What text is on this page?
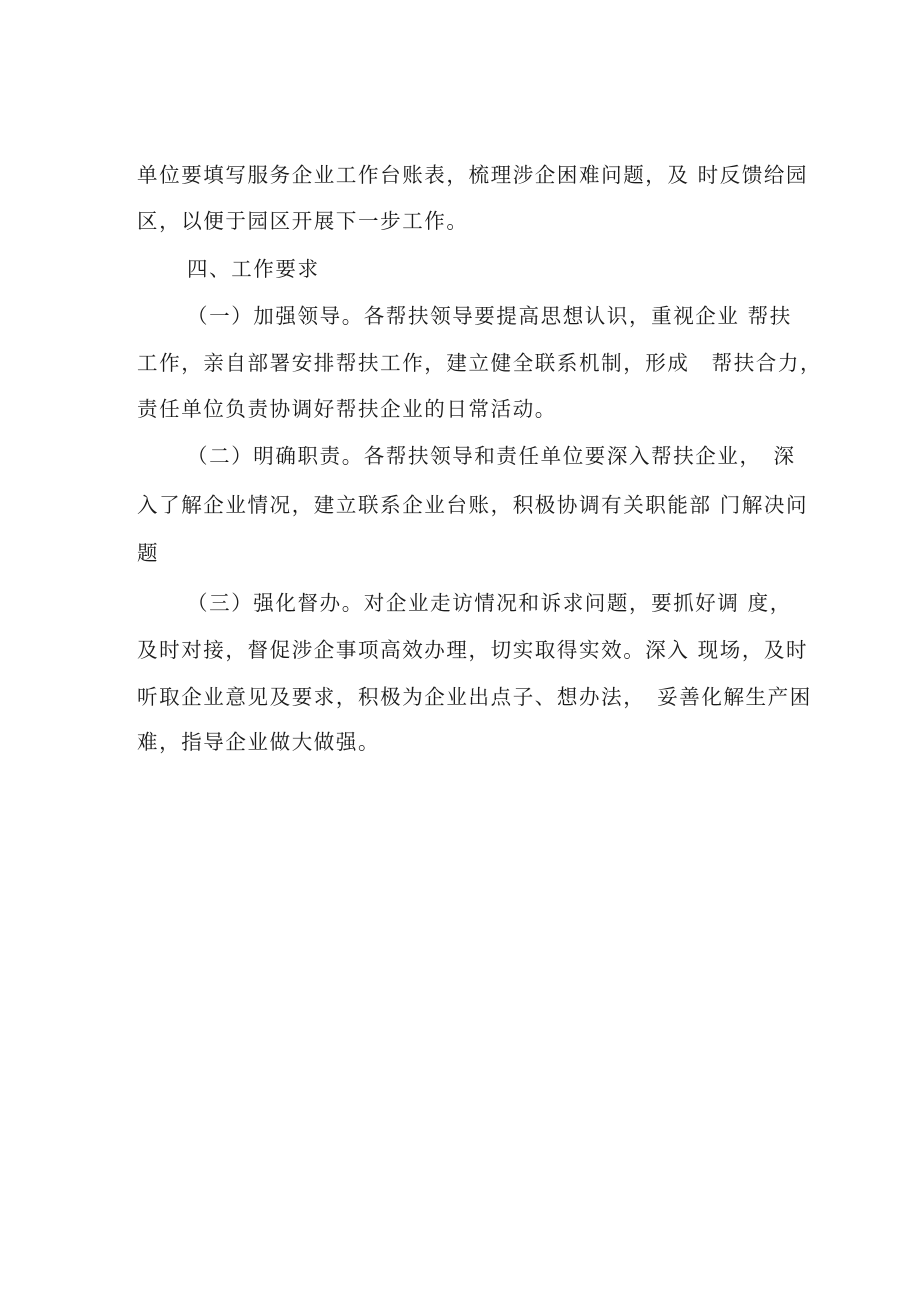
单位要填写服务企业工作台账表，梳理涉企困难问题，及 时反馈给园
区，以便于园区开展下一步工作。
四、工作要求
（一）加强领导。各帮扶领导要提高思想认识，重视企业 帮扶
工作，亲自部署安排帮扶工作，建立健全联系机制，形成　帮扶合力，
责任单位负责协调好帮扶企业的日常活动。
（二）明确职责。各帮扶领导和责任单位要深入帮扶企业，　深
入了解企业情况，建立联系企业台账，积极协调有关职能部 门解决问
题
（三）强化督办。对企业走访情况和诉求问题，要抓好调 度，
及时对接，督促涉企事项高效办理，切实取得实效。深入 现场，及时
听取企业意见及要求，积极为企业出点子、想办法，　妥善化解生产困
难，指导企业做大做强。
